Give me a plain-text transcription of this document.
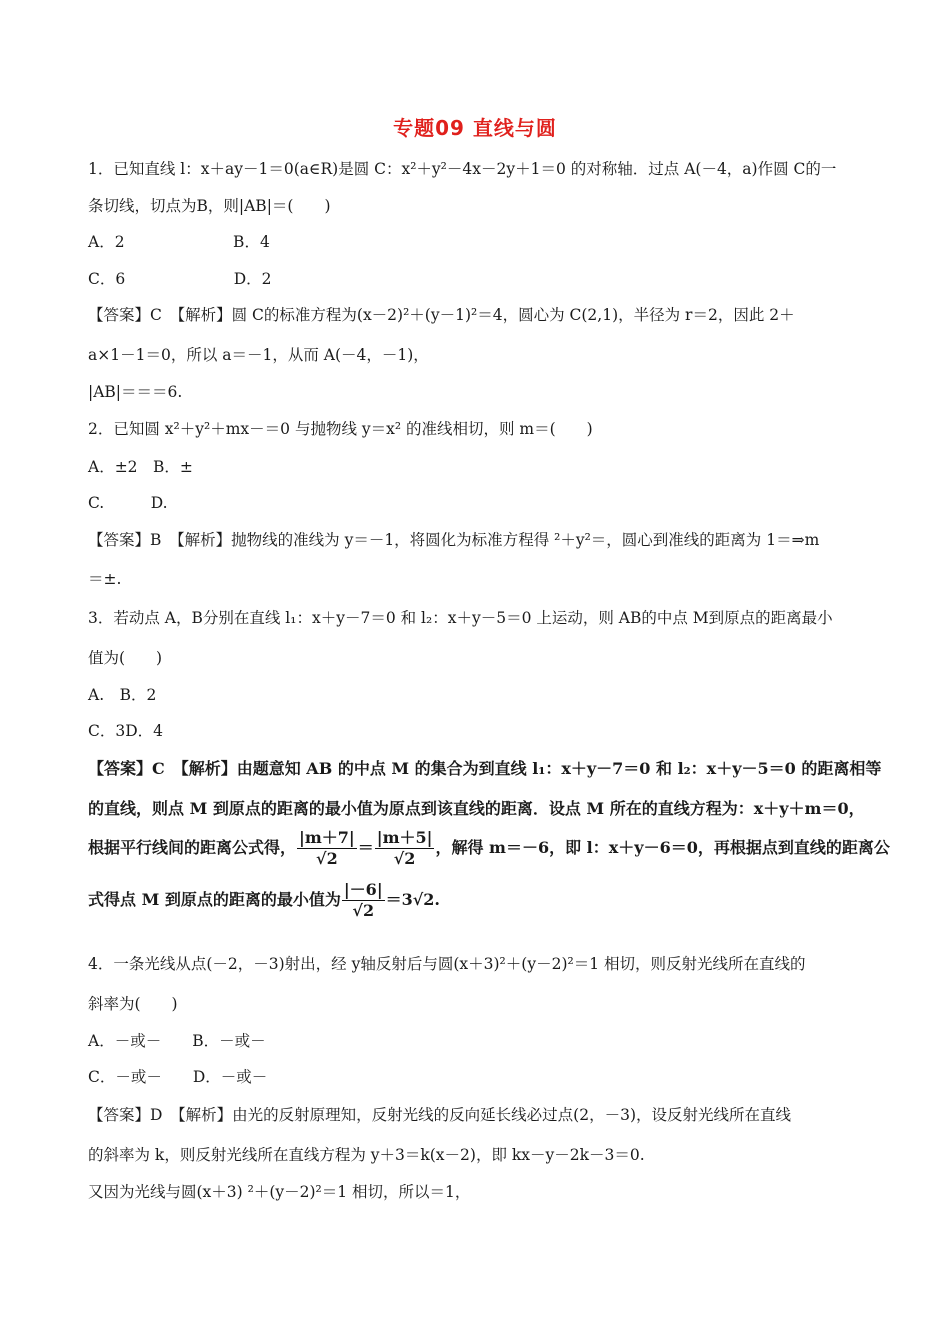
专题09 直线与圆
1．已知直线 l：x＋ay－1＝0(a∈R)是圆 C：x²＋y²－4x－2y＋1＝0 的对称轴．过点 A(－4，a)作圆 C的一
条切线，切点为B，则|AB|＝(　　)
A．2　　　　　　　B．4
C．6　　　　　　　D．2
【答案】C　【解析】圆 C的标准方程为(x－2)²＋(y－1)²＝4，圆心为 C(2,1)，半径为 r＝2，因此 2＋
a×1－1＝0，所以 a＝－1，从而 A(－4，－1)，
|AB|＝＝＝6.
2．已知圆 x²＋y²＋mx－＝0 与抛物线 y＝x² 的准线相切，则 m＝(　　)
A．±2　B．±
C.　　　D.
【答案】B　【解析】抛物线的准线为 y＝－1，将圆化为标准方程得 ²＋y²＝，圆心到准线的距离为 1＝⇒m
＝±.
3．若动点 A，B分别在直线 l₁：x＋y－7＝0 和 l₂：x＋y－5＝0 上运动，则 AB的中点 M到原点的距离最小
值为(　　)
A.　B．2
C．3D．4
【答案】C　【解析】由题意知 AB 的中点 M 的集合为到直线 l₁：x＋y－7＝0 和 l₂：x＋y－5＝0 的距离相等
的直线，则点 M 到原点的距离的最小值为原点到该直线的距离．设点 M 所在的直线方程为：x＋y＋m＝0，
根据平行线间的距离公式得， $\frac{|m+7|}{√2} = \frac{|m+5|}{√2}$ ，解得 m＝－6，即 l：x＋y－6＝0，再根据点到直线的距离公
式得点 M 到原点的距离的最小值为 $\frac{|-6|}{√2} =3√2$.
4．一条光线从点(－2，－3)射出，经 y轴反射后与圆(x＋3)²＋(y－2)²＝1 相切，则反射光线所在直线的
斜率为(　　)
A．－或－　　B．－或－
C．－或－　　D．－或－
【答案】D　【解析】由光的反射原理知，反射光线的反向延长线必过点(2，－3)，设反射光线所在直线
的斜率为 k，则反射光线所在直线方程为 y＋3＝k(x－2)，即 kx－y－2k－3＝0.
又因为光线与圆(x＋3) ²＋(y－2)²＝1 相切，所以＝1，
